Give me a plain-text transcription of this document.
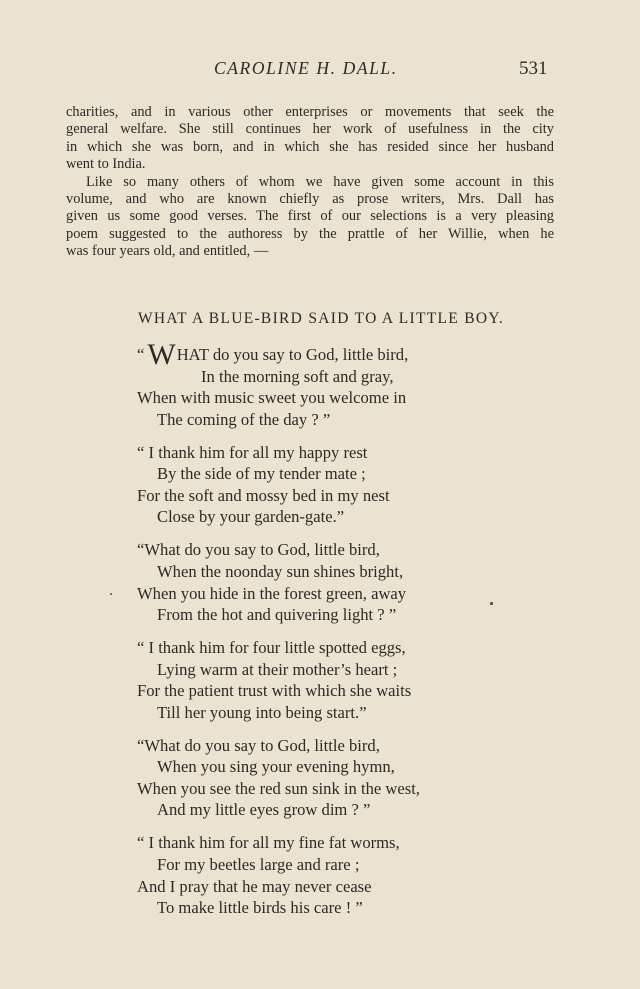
CAROLINE H. DALL.	531

charities, and in various other enterprises or movements that seek the
general welfare. She still continues her work of usefulness in the city
in which she was born, and in which she has resided since her husband
went to India.

Like so many others of whom we have given some account in this
volume, and who are known chiefly as prose writers, Mrs. Dall has
given us some good verses. The first of our selections is a very pleasing
poem suggested to the authoress by the prattle of her Willie, when he
was four years old, and entitled, —

WHAT A BLUE-BIRD SAID TO A LITTLE BOY.
“ WHAT do you say to God, little bird,
In the morning soft and gray,
When with music sweet you welcome in
The coming of the day ? ”
“ I thank him for all my happy rest
By the side of my tender mate ;
For the soft and mossy bed in my nest
Close by your garden-gate.”
“What do you say to God, little bird,
When the noonday sun shines bright,
When you hide in the forest green, away
From the hot and quivering light ? ”
“ I thank him for four little spotted eggs,
Lying warm at their mother’s heart ;
For the patient trust with which she waits
Till her young into being start.”
“What do you say to God, little bird,
When you sing your evening hymn,
When you see the red sun sink in the west,
And my little eyes grow dim ? ”
“ I thank him for all my fine fat worms,
For my beetles large and rare ;
And I pray that he may never cease
To make little birds his care ! ”
